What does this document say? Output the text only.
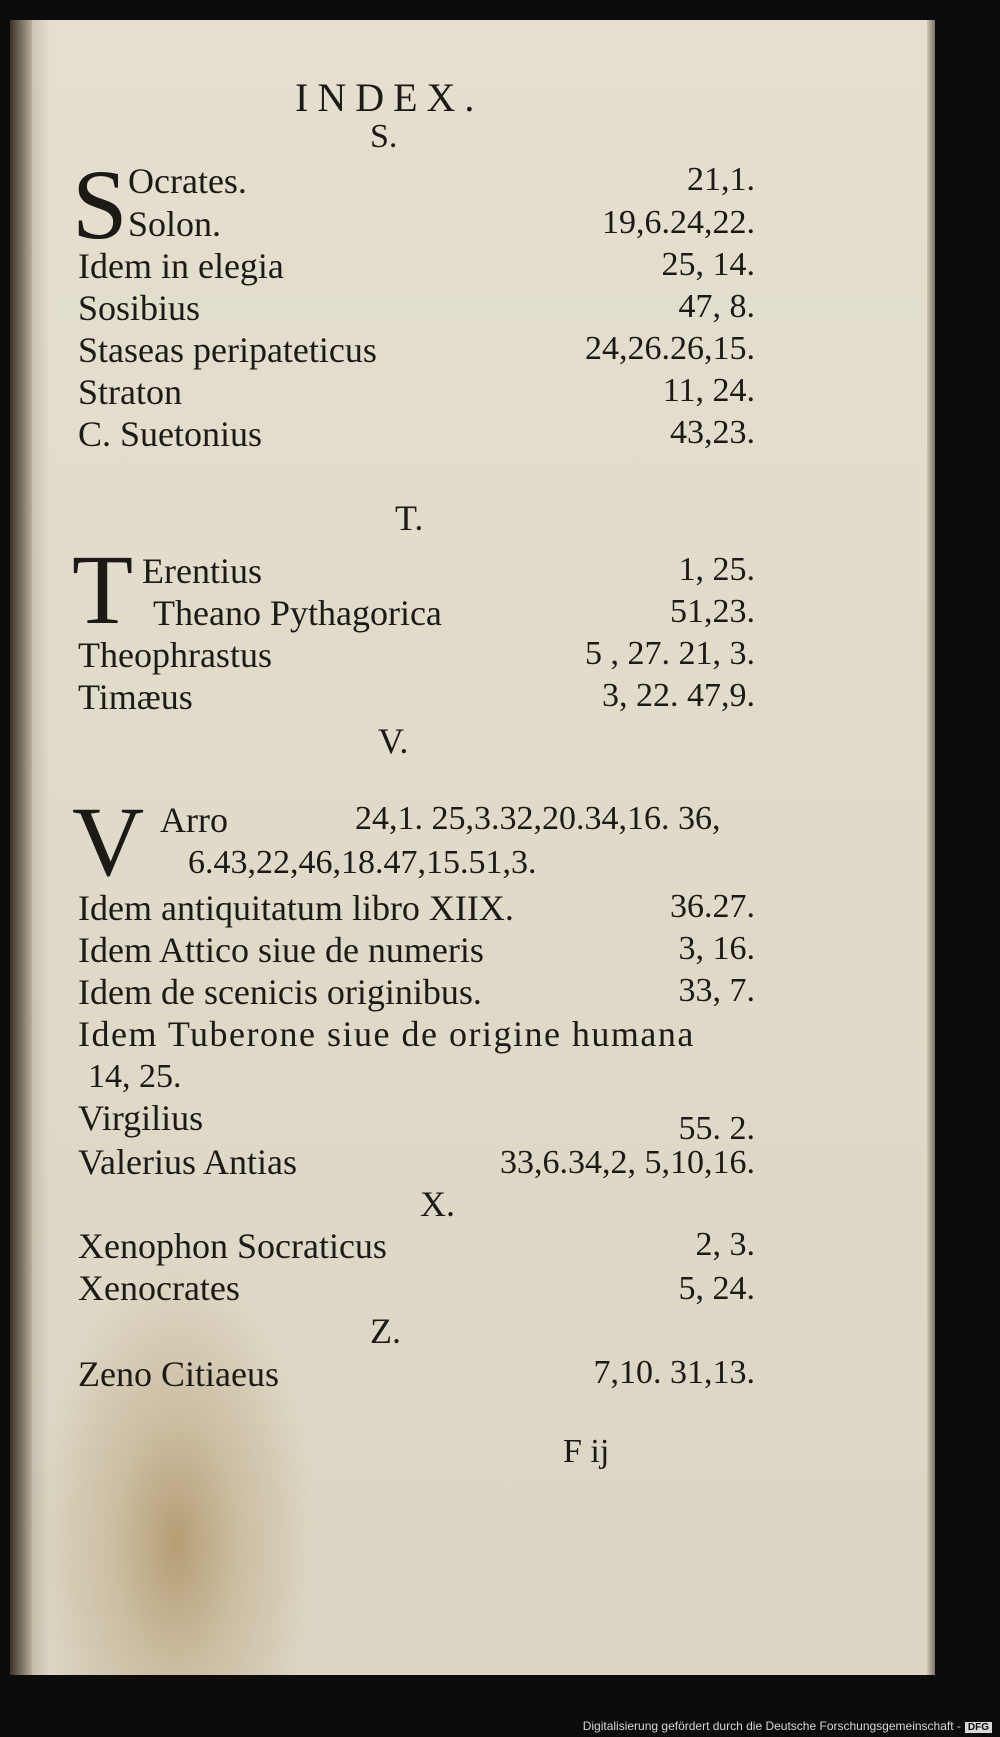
INDEX.
S.
S Ocrates.	21,1.
Solon.	19,6.24,22.
Idem in elegia	25, 14.
Sosibius	47, 8.
Staseas peripateticus	24,26.26,15.
Straton	11, 24.
C. Suetonius	43,23.
T.
T Erentius	1, 25.
Theano Pythagorica	51,23.
Theophrastus	5 , 27. 21, 3.
Timæus	3, 22. 47,9.
V.
V Arro	24,1. 25,3.32,20.34,16. 36,
6.43,22,46,18.47,15.51,3.
Idem antiquitatum libro XIIX.	36.27.
Idem Attico siue de numeris	3, 16.
Idem de scenicis originibus.	33, 7.
Idem Tuberone siue de origine humana
14, 25.
Virgilius	55. 2.
Valerius Antias	33,6.34,2, 5,10,16.
X.
Xenophon Socraticus	2, 3.
Xenocrates	5, 24.
Z.
Zeno Citiaeus	7,10. 31,13.
F ij
Digitalisierung gefördert durch die Deutsche Forschungsgemeinschaft - DFG
